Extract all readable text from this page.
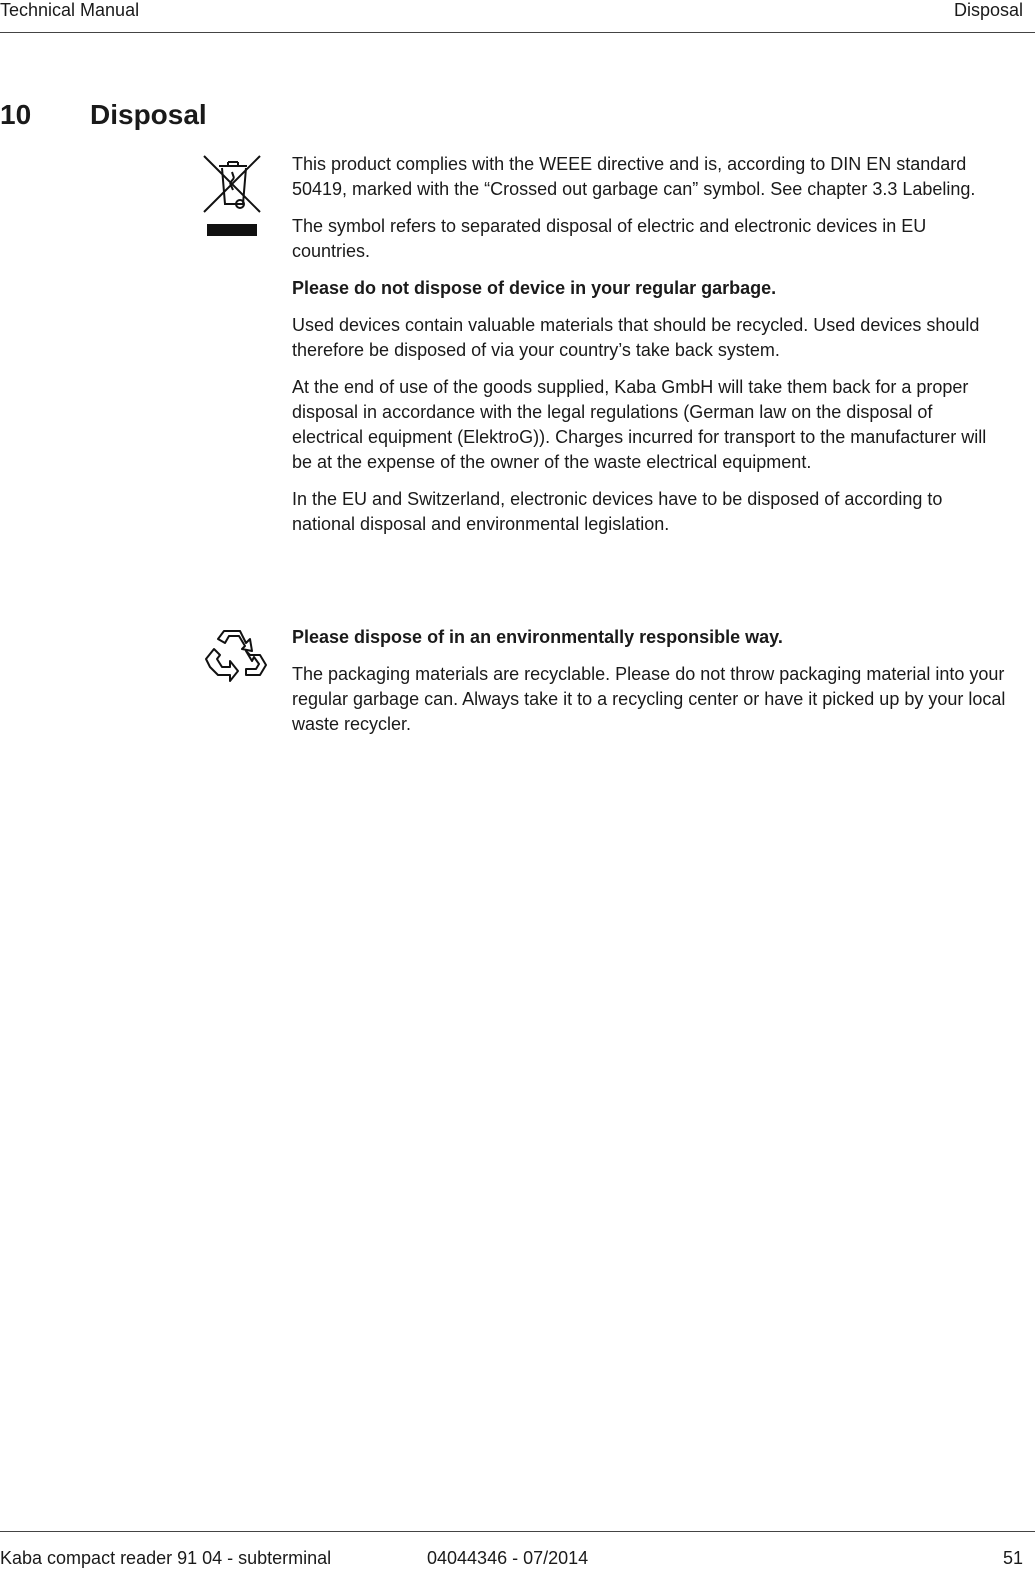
Technical Manual	Disposal
10 Disposal

This product complies with the WEEE directive and is, according to DIN EN standard 50419, marked with the “Crossed out garbage can” symbol. See chapter 3.3 Labeling.

The symbol refers to separated disposal of electric and electronic devices in EU countries.

Please do not dispose of device in your regular garbage.

Used devices contain valuable materials that should be recycled. Used devices should therefore be disposed of via your country’s take back system.

At the end of use of the goods supplied, Kaba GmbH will take them back for a proper disposal in accordance with the legal regulations (German law on the disposal of electrical equipment (ElektroG)). Charges incurred for transport to the manufacturer will be at the expense of the owner of the waste electrical equipment.

In the EU and Switzerland, electronic devices have to be disposed of according to national disposal and environmental legislation.

Please dispose of in an environmentally responsible way.

The packaging materials are recyclable. Please do not throw packaging material into your regular garbage can. Always take it to a recycling center or have it picked up by your local waste recycler.

Kaba compact reader 91 04 - subterminal	04044346 - 07/2014	51
